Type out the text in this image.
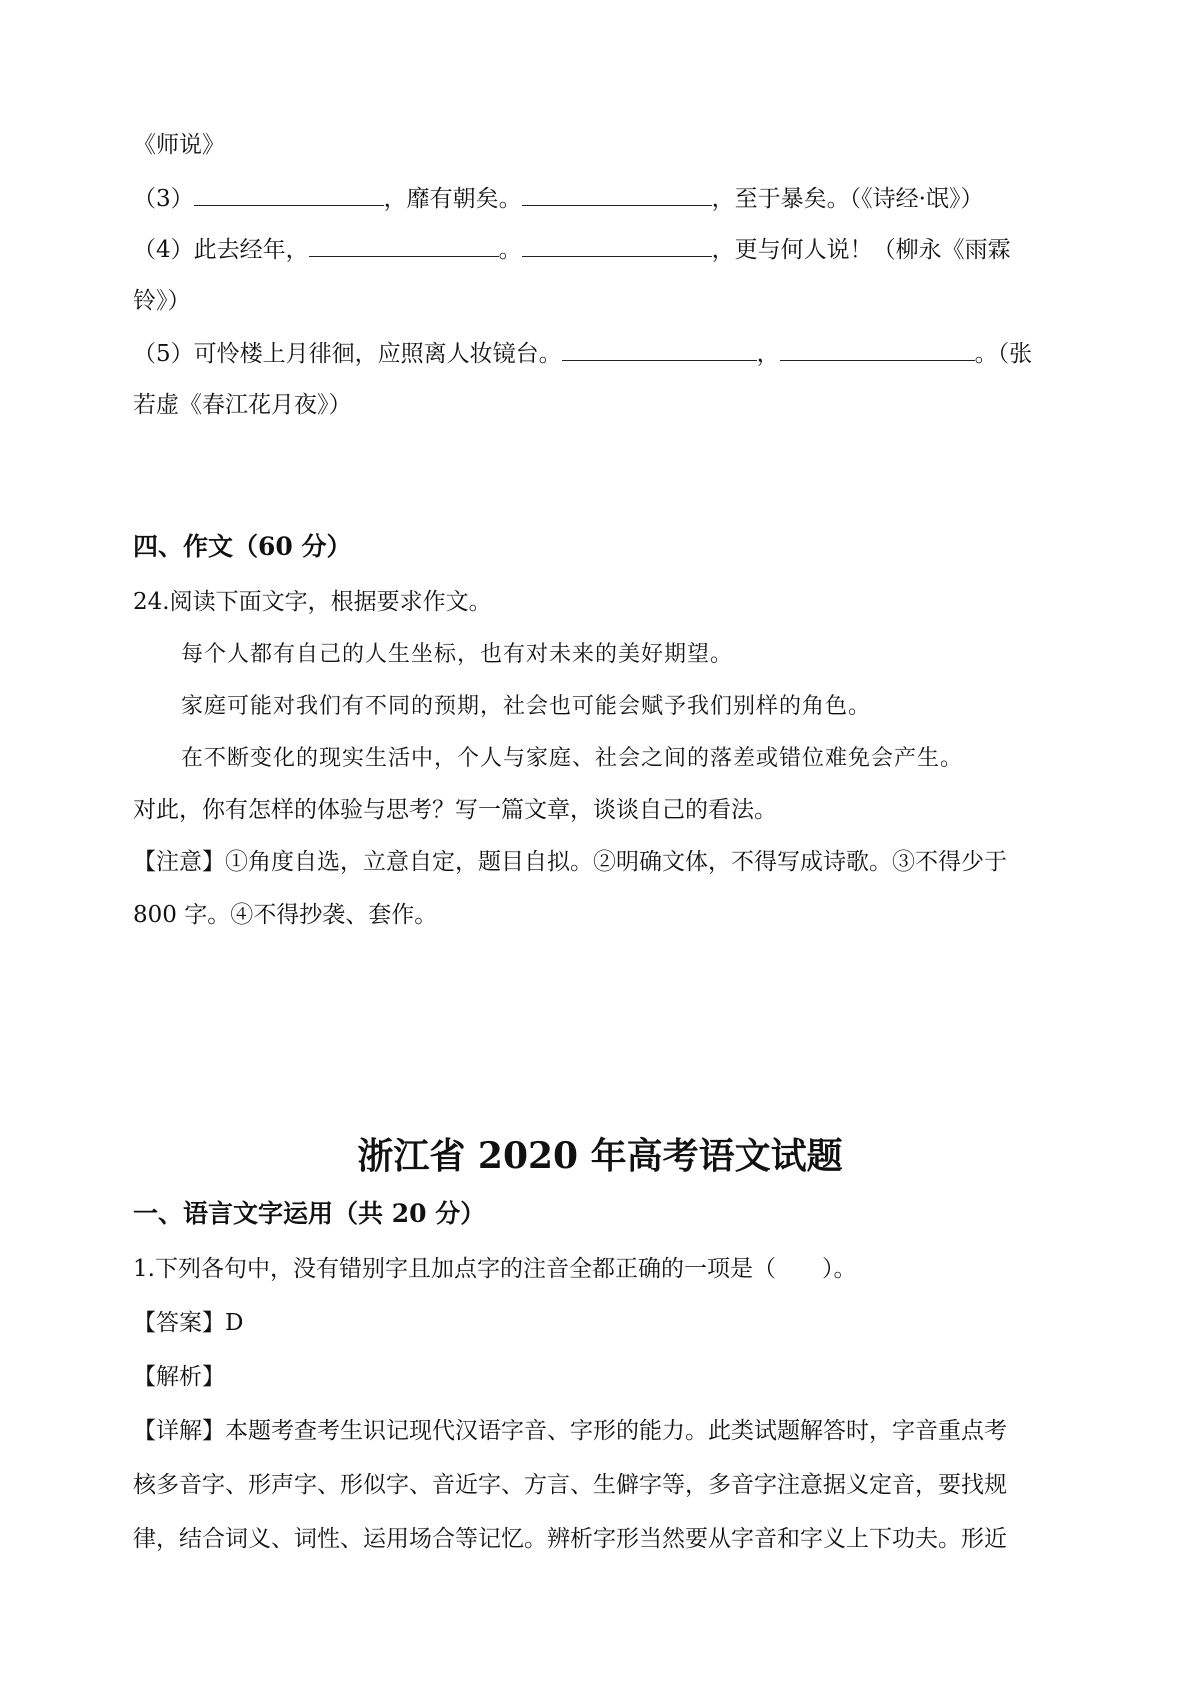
《师说》
（3）	，靡有朝矣。	，至于暴矣。（《诗经·氓》）
（4）此去经年，	。	，更与何人说！（柳永《雨霖
铃》）
（5）可怜楼上月徘徊，应照离人妆镜台。	，	。（张
若虚《春江花月夜》）
四、作文（60 分）
24.阅读下面文字，根据要求作文。
每个人都有自己的人生坐标，也有对未来的美好期望。
家庭可能对我们有不同的预期，社会也可能会赋予我们别样的角色。
在不断变化的现实生活中，个人与家庭、社会之间的落差或错位难免会产生。
对此，你有怎样的体验与思考？写一篇文章，谈谈自己的看法。
【注意】①角度自选，立意自定，题目自拟。②明确文体，不得写成诗歌。③不得少于
800 字。④不得抄袭、套作。
浙江省 2020 年高考语文试题
一、语言文字运用（共 20 分）
1.下列各句中，没有错别字且加点字的注音全都正确的一项是（　　）。
【答案】D
【解析】
【详解】本题考查考生识记现代汉语字音、字形的能力。此类试题解答时，字音重点考
核多音字、形声字、形似字、音近字、方言、生僻字等，多音字注意据义定音，要找规
律，结合词义、词性、运用场合等记忆。辨析字形当然要从字音和字义上下功夫。形近
